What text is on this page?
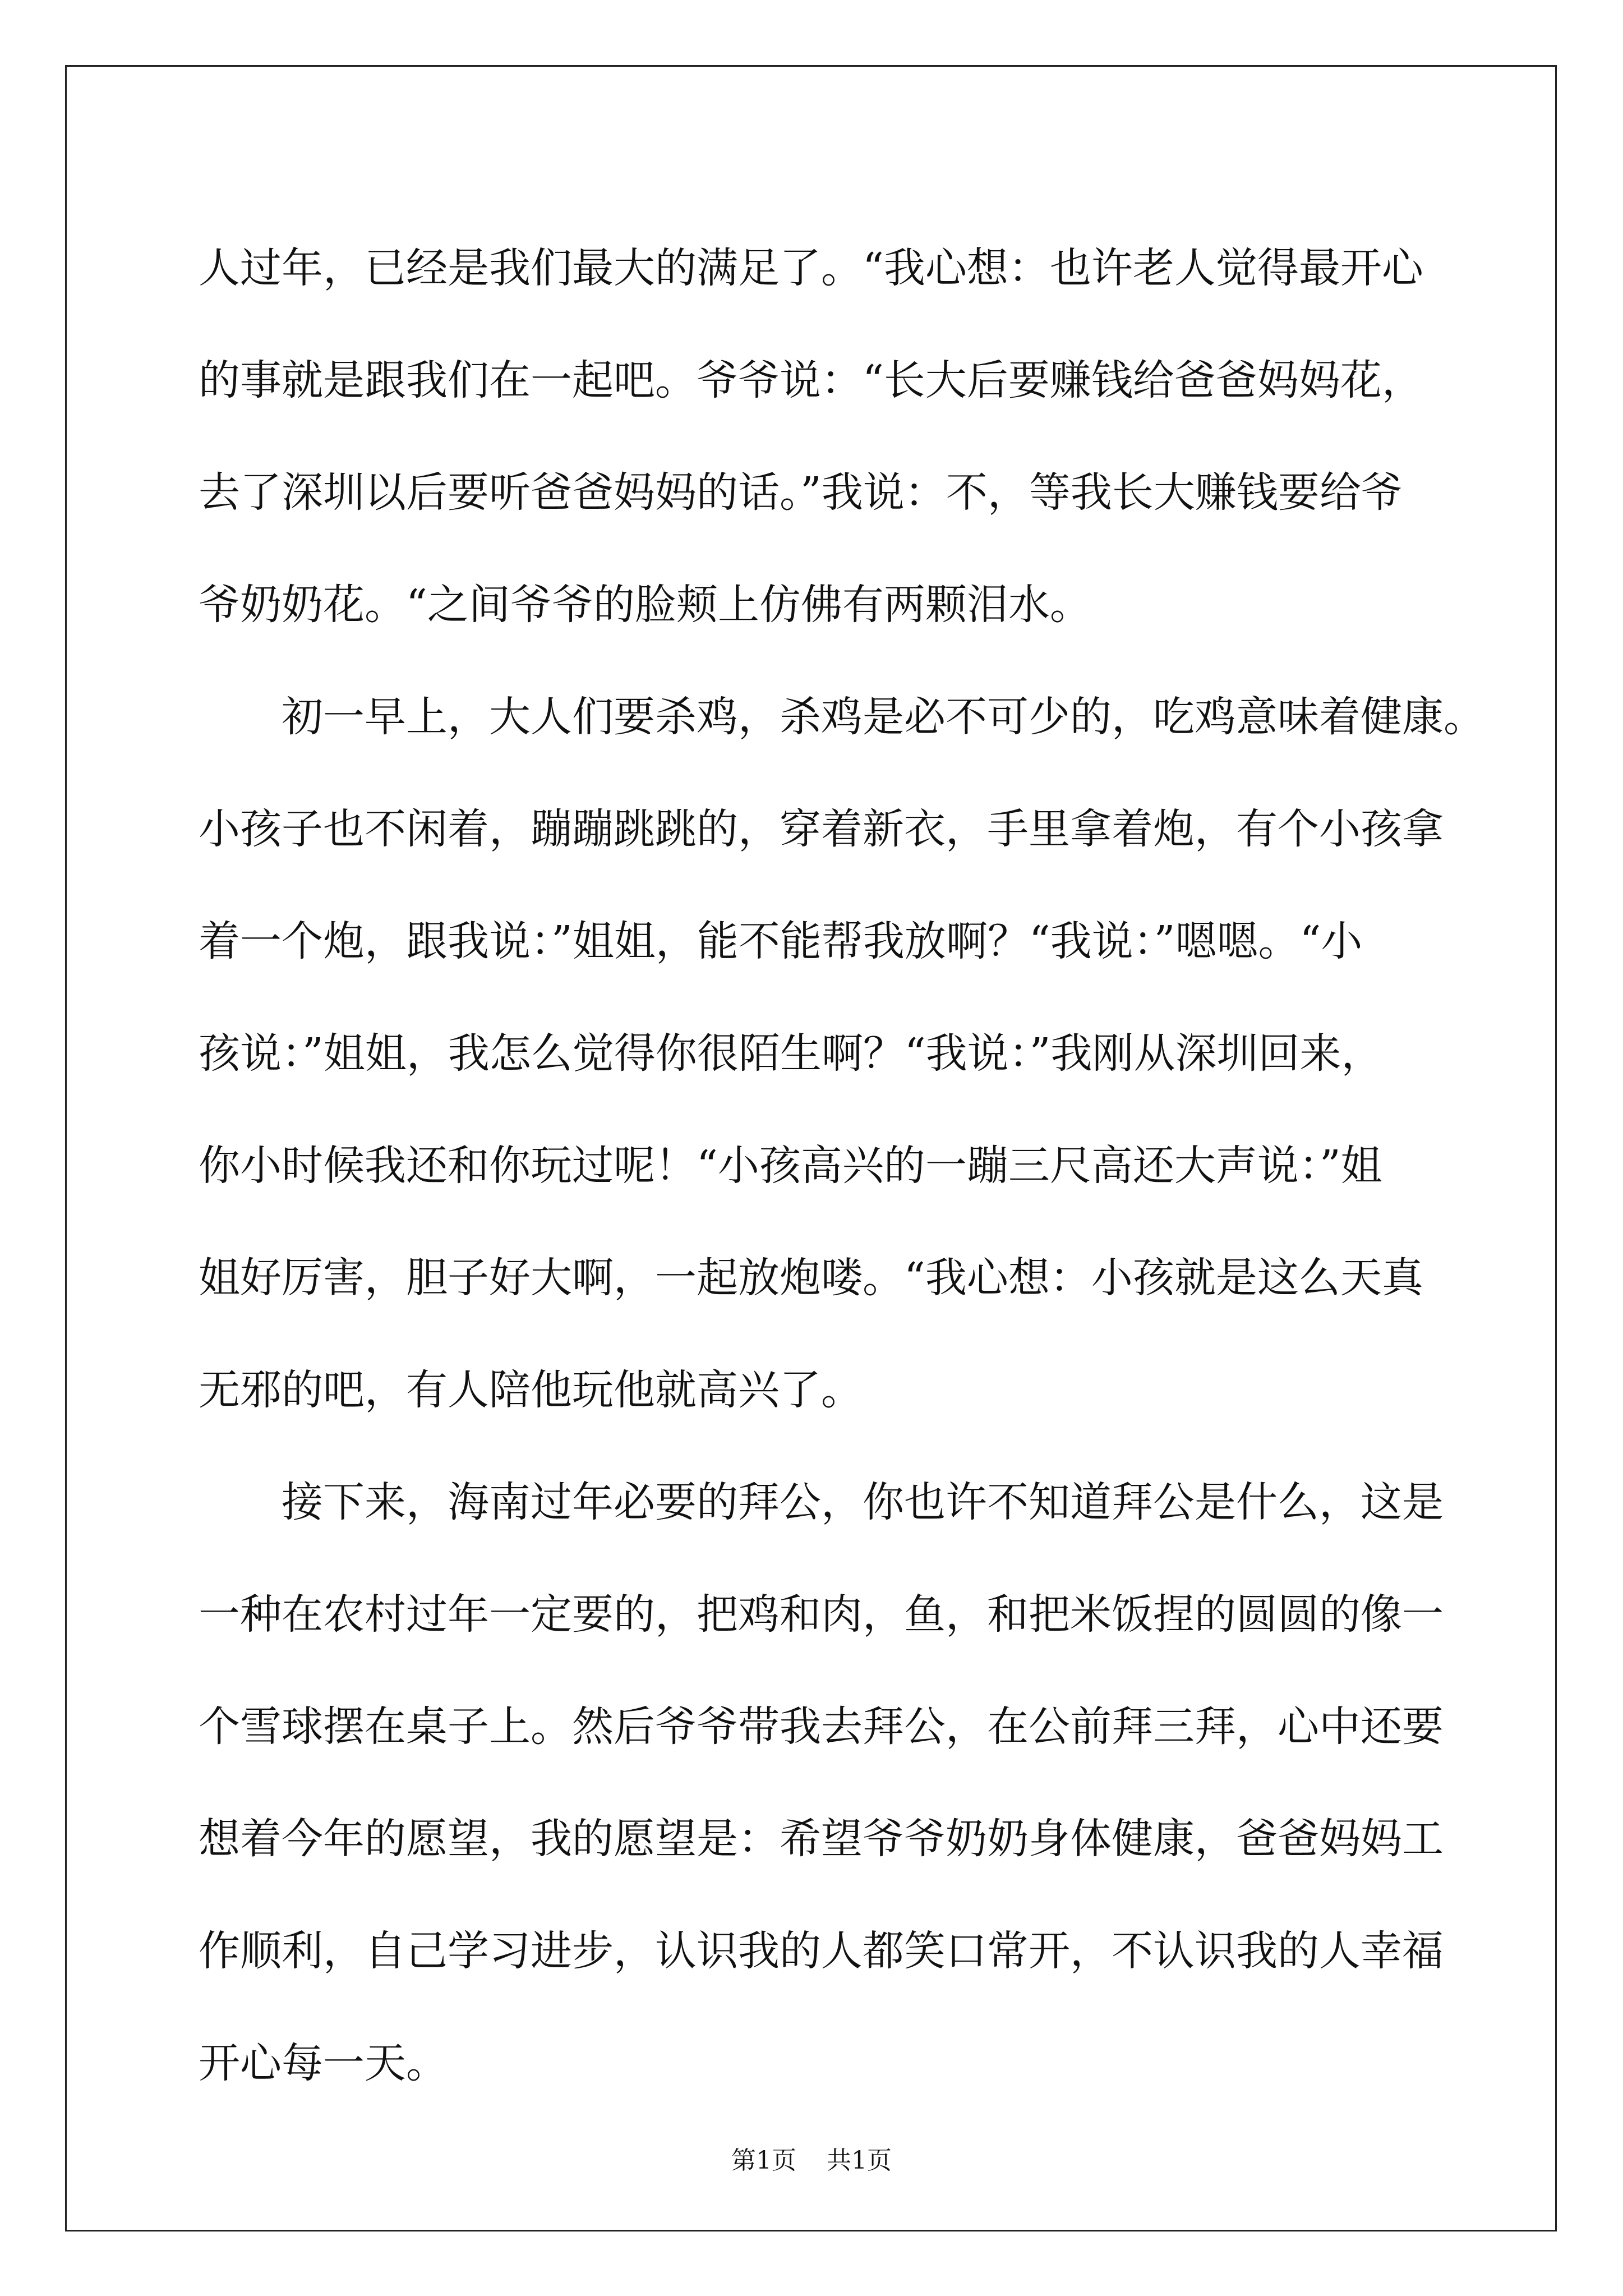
人过年，已经是我们最大的满足了。“我心想：也许老人觉得最开心
的事就是跟我们在一起吧。爷爷说：“长大后要赚钱给爸爸妈妈花，
去了深圳以后要听爸爸妈妈的话。”我说：不，等我长大赚钱要给爷
爷奶奶花。“之间爷爷的脸颊上仿佛有两颗泪水。
初一早上，大人们要杀鸡，杀鸡是必不可少的，吃鸡意味着健康。
小孩子也不闲着，蹦蹦跳跳的，穿着新衣，手里拿着炮，有个小孩拿
着一个炮，跟我说：”姐姐，能不能帮我放啊？“我说：”嗯嗯。“小
孩说：”姐姐，我怎么觉得你很陌生啊？“我说：”我刚从深圳回来，
你小时候我还和你玩过呢！“小孩高兴的一蹦三尺高还大声说：”姐
姐好厉害，胆子好大啊，一起放炮喽。“我心想：小孩就是这么天真
无邪的吧，有人陪他玩他就高兴了。
接下来，海南过年必要的拜公，你也许不知道拜公是什么，这是
一种在农村过年一定要的，把鸡和肉，鱼，和把米饭捏的圆圆的像一
个雪球摆在桌子上。然后爷爷带我去拜公，在公前拜三拜，心中还要
想着今年的愿望，我的愿望是：希望爷爷奶奶身体健康，爸爸妈妈工
作顺利，自己学习进步，认识我的人都笑口常开，不认识我的人幸福
开心每一天。
第1页 共1页
